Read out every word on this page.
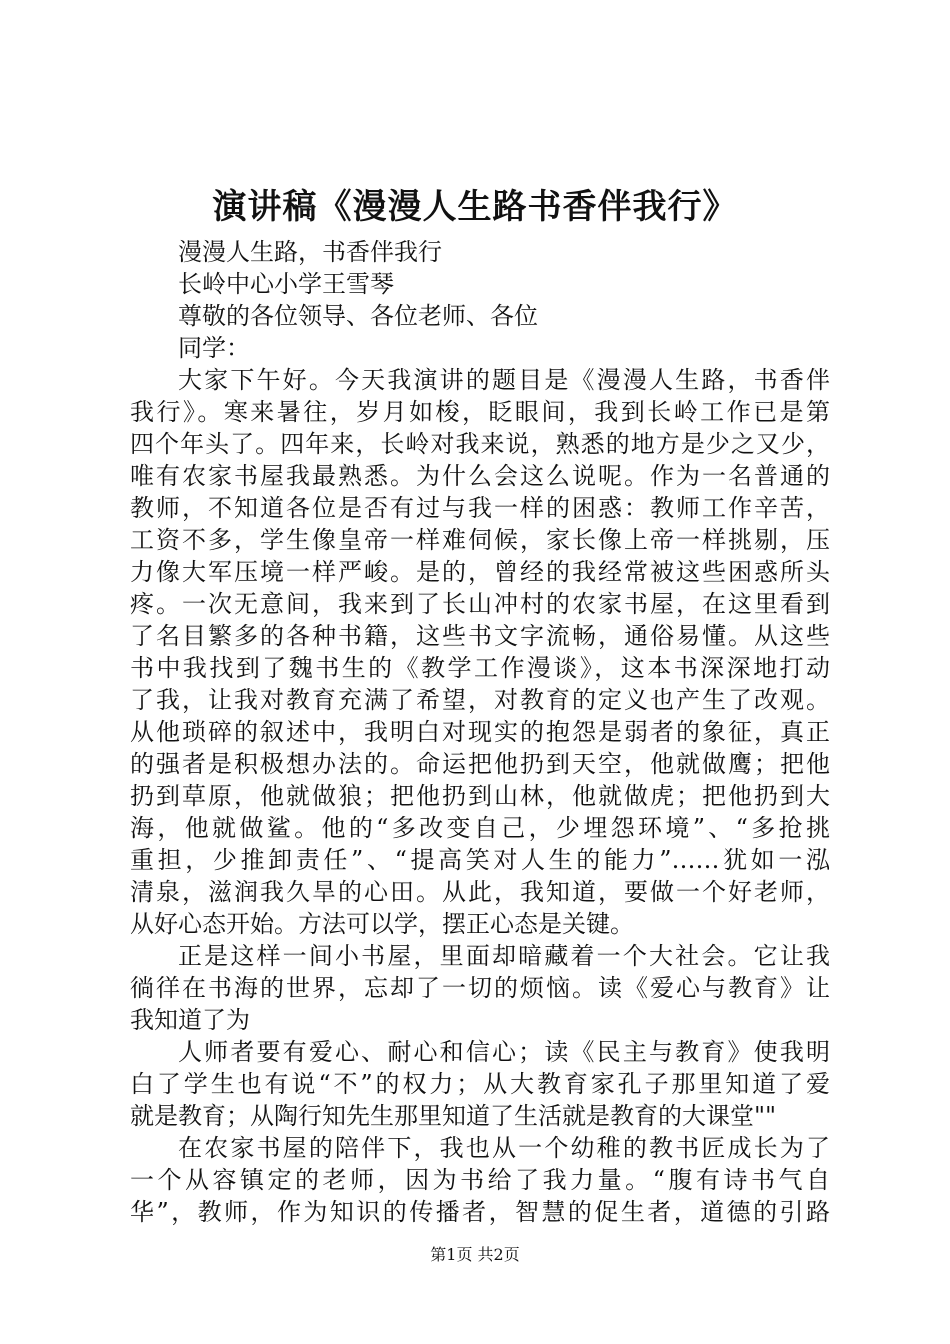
演讲稿《漫漫人生路书香伴我行》
漫漫人生路，书香伴我行
长岭中心小学王雪琴
尊敬的各位领导、各位老师、各位
同学：
大家下午好。今天我演讲的题目是《漫漫人生路，书香伴
我行》。寒来暑往，岁月如梭，眨眼间，我到长岭工作已是第
四个年头了。四年来，长岭对我来说，熟悉的地方是少之又少，
唯有农家书屋我最熟悉。为什么会这么说呢。作为一名普通的
教师，不知道各位是否有过与我一样的困惑：教师工作辛苦，
工资不多，学生像皇帝一样难伺候，家长像上帝一样挑剔，压
力像大军压境一样严峻。是的，曾经的我经常被这些困惑所头
疼。一次无意间，我来到了长山冲村的农家书屋，在这里看到
了名目繁多的各种书籍，这些书文字流畅，通俗易懂。从这些
书中我找到了魏书生的《教学工作漫谈》，这本书深深地打动
了我，让我对教育充满了希望，对教育的定义也产生了改观。
从他琐碎的叙述中，我明白对现实的抱怨是弱者的象征，真正
的强者是积极想办法的。命运把他扔到天空，他就做鹰；把他
扔到草原，他就做狼；把他扔到山林，他就做虎；把他扔到大
海，他就做鲨。他的“多改变自己，少埋怨环境”、“多抢挑
重担，少推卸责任”、“提高笑对人生的能力”……犹如一泓
清泉，滋润我久旱的心田。从此，我知道，要做一个好老师，
从好心态开始。方法可以学，摆正心态是关键。
正是这样一间小书屋，里面却暗藏着一个大社会。它让我
徜徉在书海的世界，忘却了一切的烦恼。读《爱心与教育》让
我知道了为
人师者要有爱心、耐心和信心；读《民主与教育》使我明
白了学生也有说“不”的权力；从大教育家孔子那里知道了爱
就是教育；从陶行知先生那里知道了生活就是教育的大课堂""
在农家书屋的陪伴下，我也从一个幼稚的教书匠成长为了
一个从容镇定的老师，因为书给了我力量。“腹有诗书气自
华”，教师，作为知识的传播者，智慧的促生者，道德的引路
第1页 共2页
